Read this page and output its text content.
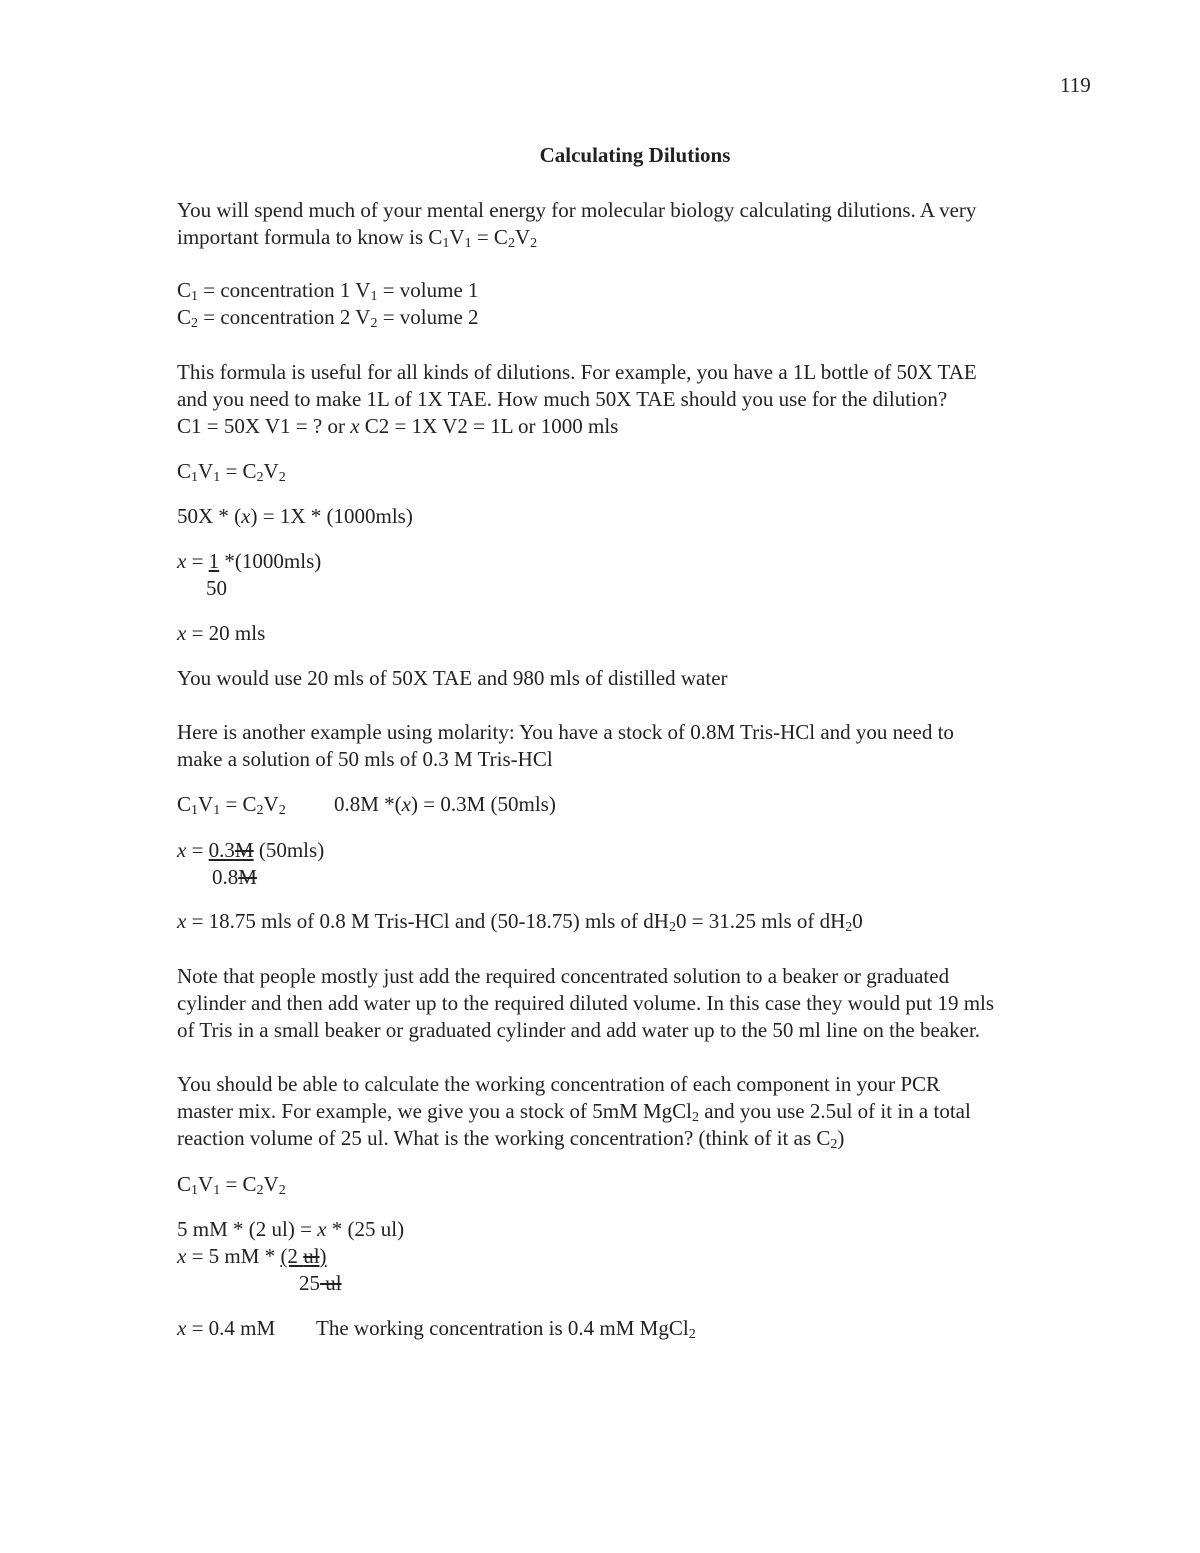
119
Calculating Dilutions
You will spend much of your mental energy for molecular biology calculating dilutions. A very
important formula to know is $C_1V_1 = C_2V_2$
$C_1$ = concentration 1 $V_1$ = volume 1
$C_2$ = concentration 2 $V_2$ = volume 2
This formula is useful for all kinds of dilutions. For example, you have a 1L bottle of 50X TAE
and you need to make 1L of 1X TAE. How much 50X TAE should you use for the dilution?
C1 = 50X V1 = ? or x C2 = 1X V2 = 1L or 1000 mls
$C_1V_1 = C_2V_2$
50X * (x) = 1X * (1000mls)
x = 1 *(1000mls)
50
x = 20 mls
You would use 20 mls of 50X TAE and 980 mls of distilled water
Here is another example using molarity: You have a stock of 0.8M Tris-HCl and you need to
make a solution of 50 mls of 0.3 M Tris-HCl
$C_1V_1 = C_2V_2$ 0.8M *(x) = 0.3M (50mls)
x = 0.3M (50mls)
0.8M
x = 18.75 mls of 0.8 M Tris-HCl and (50-18.75) mls of $dH_20 = 31.25$ mls of $dH_20$
Note that people mostly just add the required concentrated solution to a beaker or graduated
cylinder and then add water up to the required diluted volume. In this case they would put 19 mls
of Tris in a small beaker or graduated cylinder and add water up to the 50 ml line on the beaker.
You should be able to calculate the working concentration of each component in your PCR
master mix. For example, we give you a stock of 5mM MgCl$_2$ and you use 2.5ul of it in a total
reaction volume of 25 ul. What is the working concentration? (think of it as $C_2$)
$C_1V_1 = C_2V_2$
5 mM * (2 ul) = x * (25 ul)
x = 5 mM * (2 ul)
25 ul
x = 0.4 mM The working concentration is 0.4 mM MgCl$_2$
